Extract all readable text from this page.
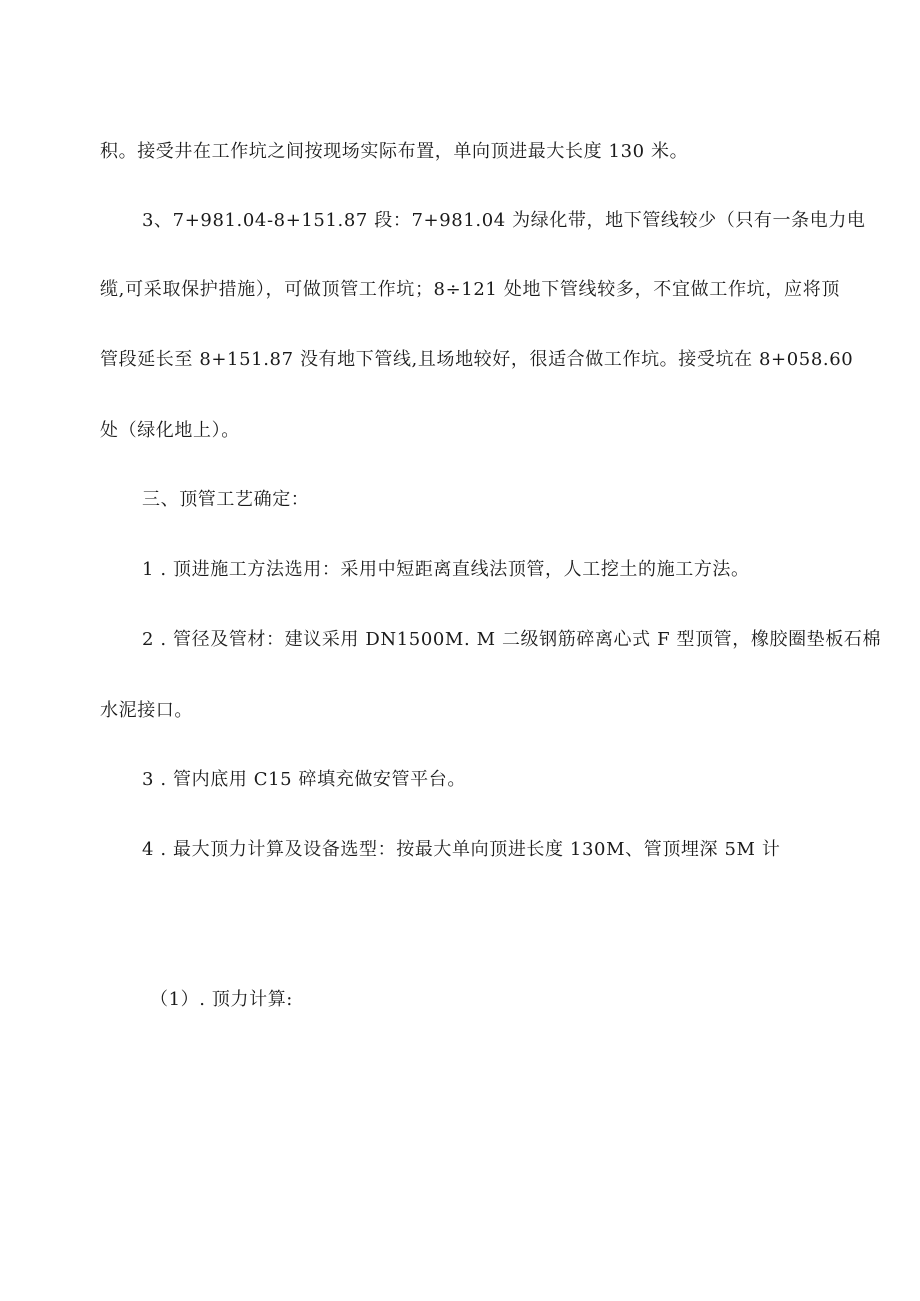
积。接受井在工作坑之间按现场实际布置，单向顶进最大长度 130 米。
3、7+981.04-8+151.87 段：7+981.04 为绿化带，地下管线较少（只有一条电力电
缆,可采取保护措施），可做顶管工作坑；8÷121 处地下管线较多，不宜做工作坑，应将顶
管段延长至 8+151.87 没有地下管线,且场地较好，很适合做工作坑。接受坑在 8+058.60
处（绿化地上）。
三、顶管工艺确定：
1 . 顶进施工方法选用：采用中短距离直线法顶管，人工挖土的施工方法。
2 . 管径及管材：建议采用 DN1500M. M 二级钢筋碎离心式 F 型顶管，橡胶圈垫板石棉
水泥接口。
3 . 管内底用 C15 碎填充做安管平台。
4 . 最大顶力计算及设备选型：按最大单向顶进长度 130M、管顶埋深 5M 计
（1）. 顶力计算:
